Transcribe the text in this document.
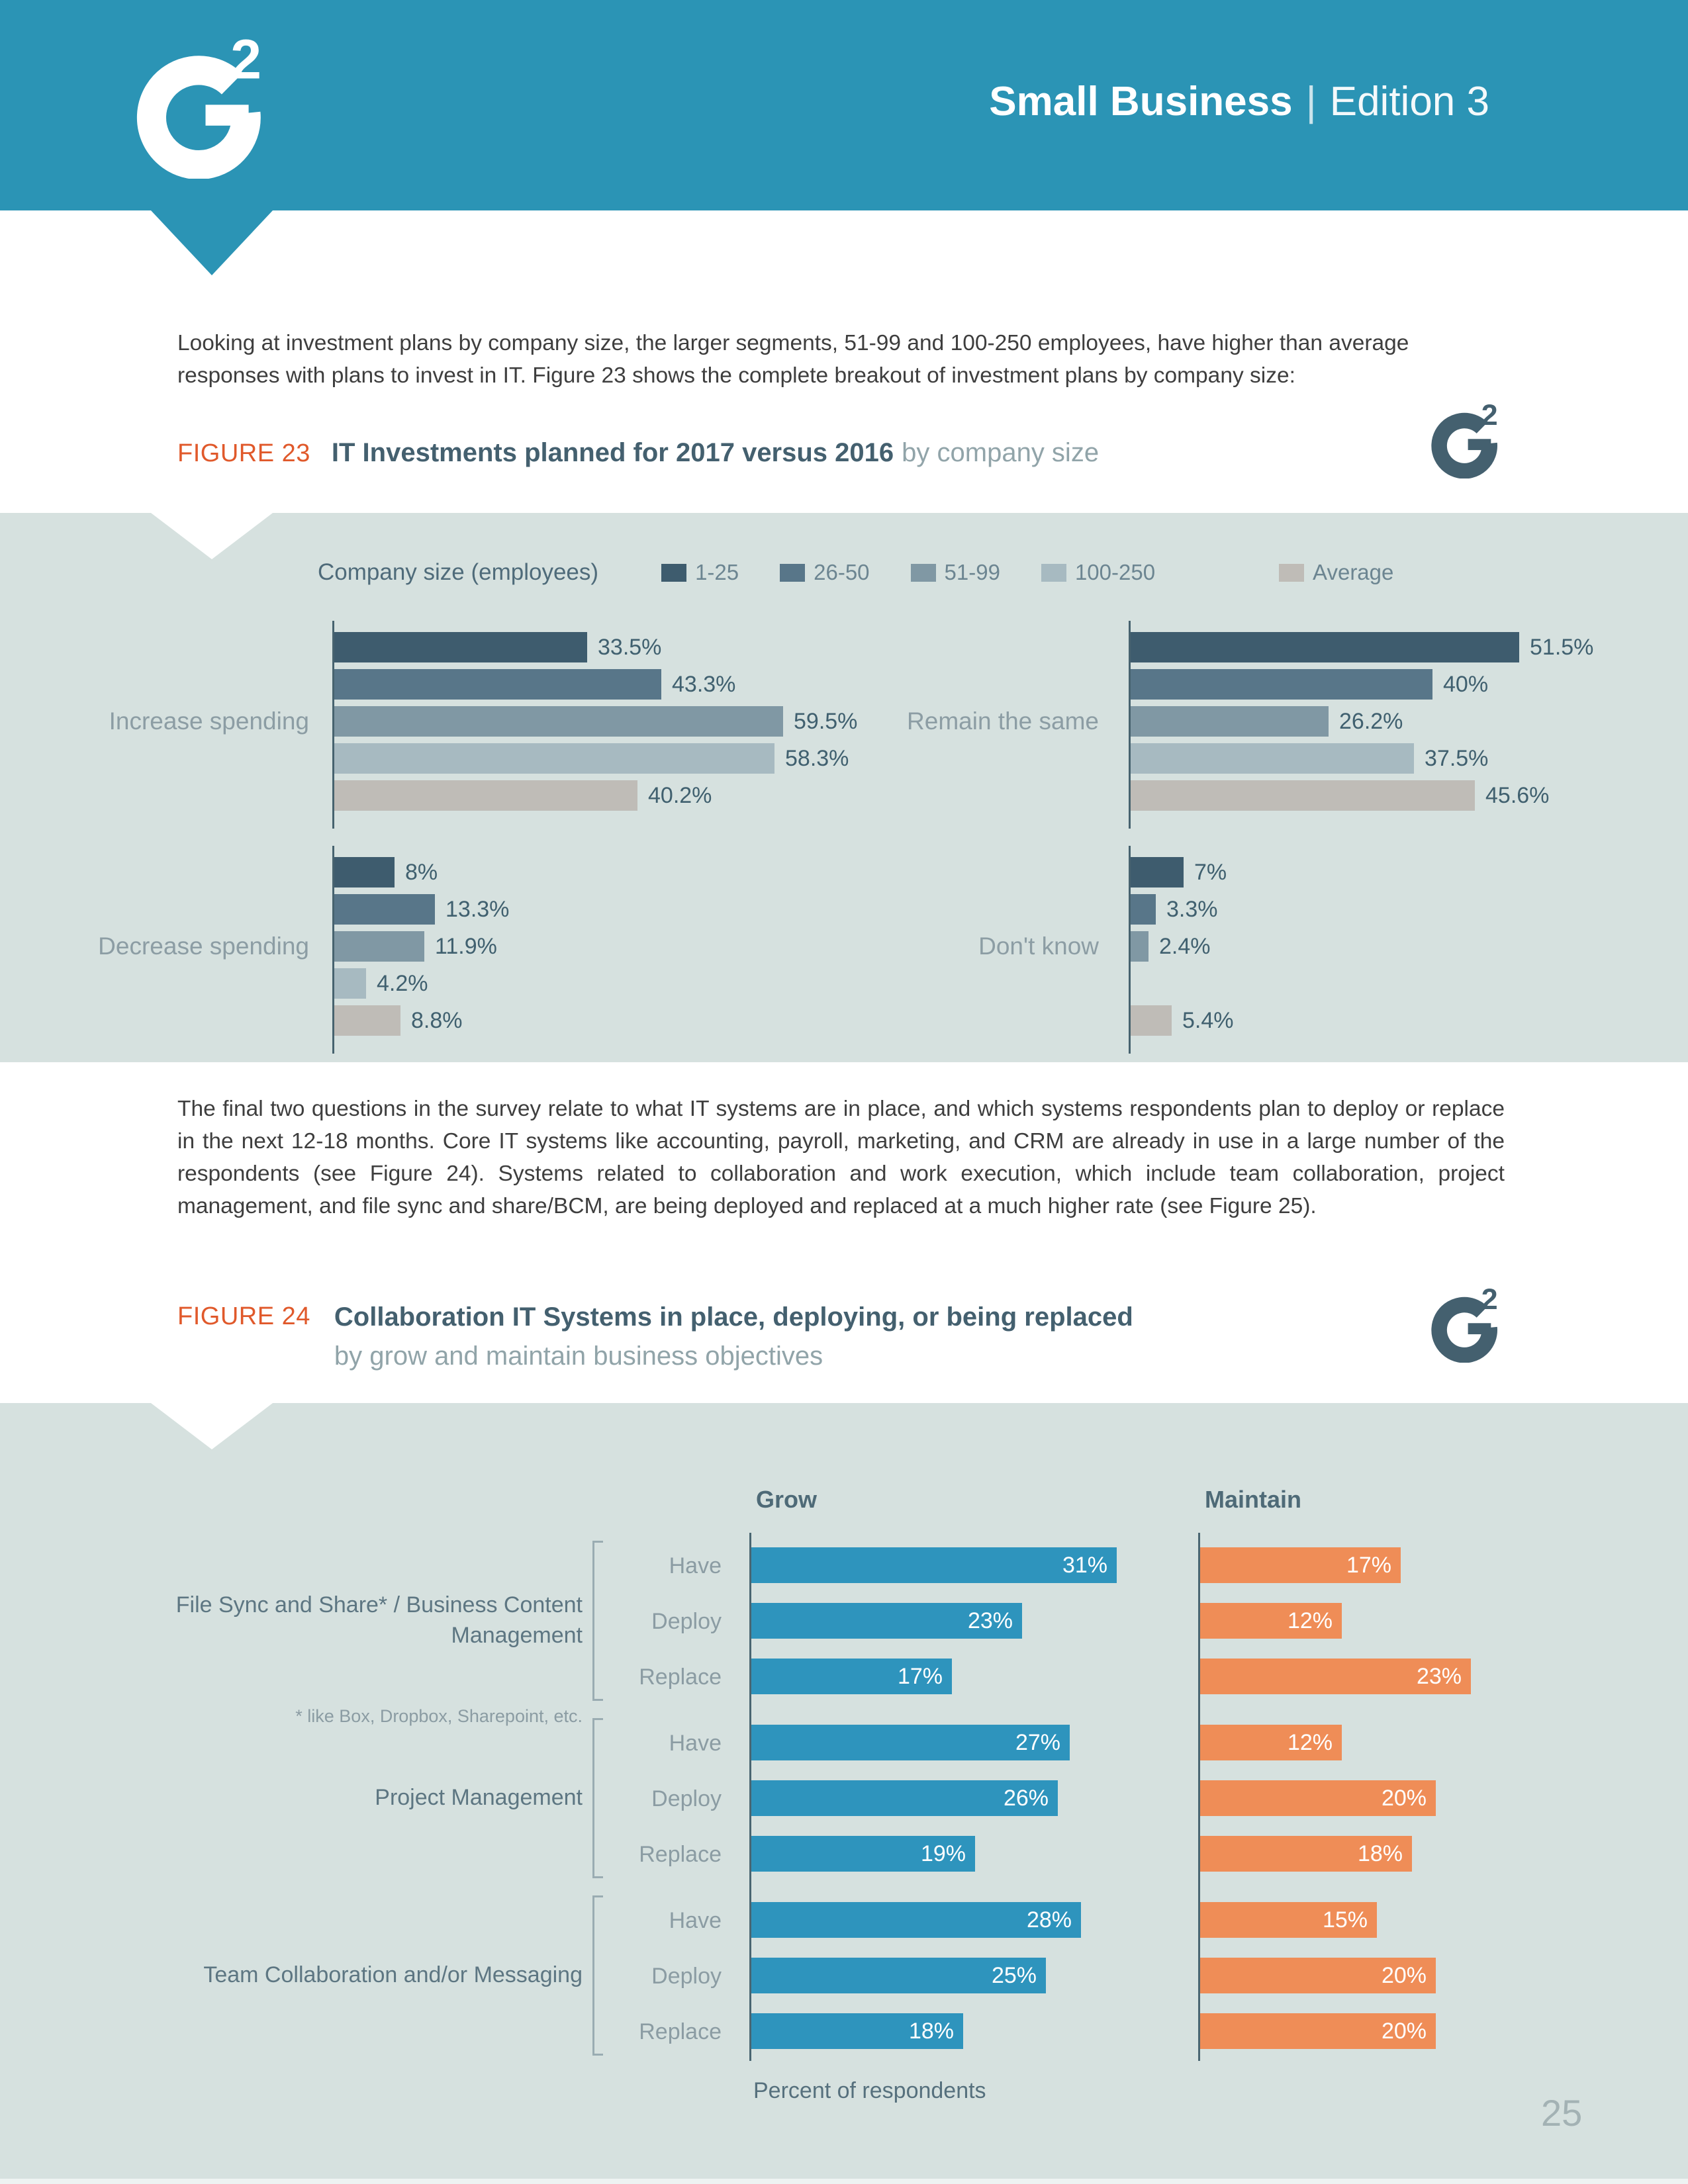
2
Small Business | Edition 3

Looking at investment plans by company size, the larger segments, 51-99 and 100-250 employees, have higher than average responses with plans to invest in IT. Figure 23 shows the complete breakout of investment plans by company size:

FIGURE 23 IT Investments planned for 2017 versus 2016 by company size
2
Company size (employees)	1-25	26-50	51-99	100-250	Average
33.5%
43.3%
59.5%
58.3%
40.2%
Increase spending
8%
13.3%
11.9%
4.2%
8.8%
Decrease spending
51.5%
40%
26.2%
37.5%
45.6%
Remain the same
7%
3.3%
2.4%
5.4%
Don't know

The final two questions in the survey relate to what IT systems are in place, and which systems respondents plan to deploy or replace in the next 12-18 months. Core IT systems like accounting, payroll, marketing, and CRM are already in use in a large number of the respondents (see Figure 24). Systems related to collaboration and work execution, which include team collaboration, project management, and file sync and share/BCM, are being deployed and replaced at a much higher rate (see Figure 25).

FIGURE 24 Collaboration IT Systems in place, deploying, or being replaced
by grow and maintain business objectives
2
Grow	Maintain
Have	31%	17%
Deploy	23%	12%
Replace	17%	23%
File Sync and Share* / Business Content Management
* like Box, Dropbox, Sharepoint, etc.
Have	27%	12%
Deploy	26%	20%
Replace	19%	18%
Project Management
Have	28%	15%
Deploy	25%	20%
Replace	18%	20%
Team Collaboration and/or Messaging
Percent of respondents
25
